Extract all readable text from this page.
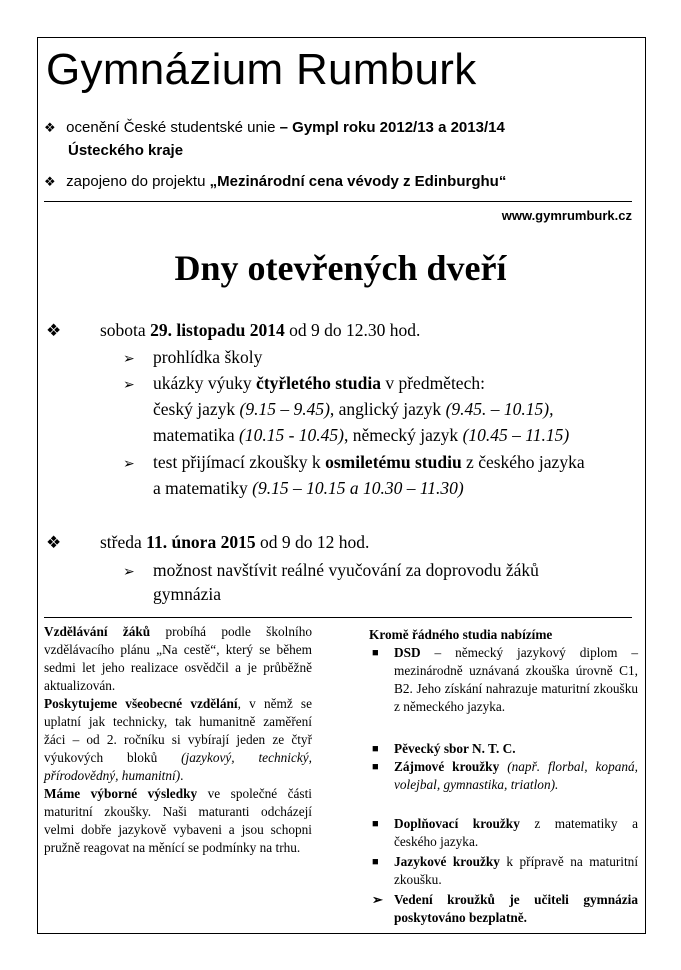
Gymnázium Rumburk
❖ ocenění České studentské unie – Gympl roku 2012/13 a 2013/14
Ústeckého kraje
❖ zapojeno do projektu „Mezinárodní cena vévody z Edinburghu“
www.gymrumburk.cz
Dny otevřených dveří
❖ sobota 29. listopadu 2014 od 9 do 12.30 hod.
➢ prohlídka školy
➢ ukázky výuky čtyřletého studia v předmětech:
český jazyk (9.15 – 9.45), anglický jazyk (9.45. – 10.15),
matematika (10.15 - 10.45), německý jazyk (10.45 – 11.15)
➢ test přijímací zkoušky k osmiletému studiu z českého jazyka
a matematiky (9.15 – 10.15 a 10.30 – 11.30)
❖ středa 11. února 2015 od 9 do 12 hod.
➢ možnost navštívit reálné vyučování za doprovodu žáků
gymnázia

Vzdělávání žáků probíhá podle školního vzdělávacího plánu „Na cestě“, který se během sedmi let jeho realizace osvědčil a je průběžně aktualizován.

Poskytujeme všeobecné vzdělání, v němž se uplatní jak technicky, tak humanitně zaměření žáci – od 2. ročníku si vybírají jeden ze čtyř výukových bloků (jazykový, technický, přírodovědný, humanitní).

Máme výborné výsledky ve společné části maturitní zkoušky. Naši maturanti odcházejí velmi dobře jazykově vybaveni a jsou schopni pružně reagovat na měnící se podmínky na trhu.

Kromě řádného studia nabízíme
■ DSD – německý jazykový diplom – mezinárodně uznávaná zkouška úrovně C1, B2. Jeho získání nahrazuje maturitní zkoušku z německého jazyka.
■ Pěvecký sbor N. T. C.
■ Zájmové kroužky (např. florbal, kopaná, volejbal, gymnastika, triatlon).
■ Doplňovací kroužky z matematiky a českého jazyka.
■ Jazykové kroužky k přípravě na maturitní zkoušku.
➢ Vedení kroužků je učiteli gymnázia poskytováno bezplatně.
